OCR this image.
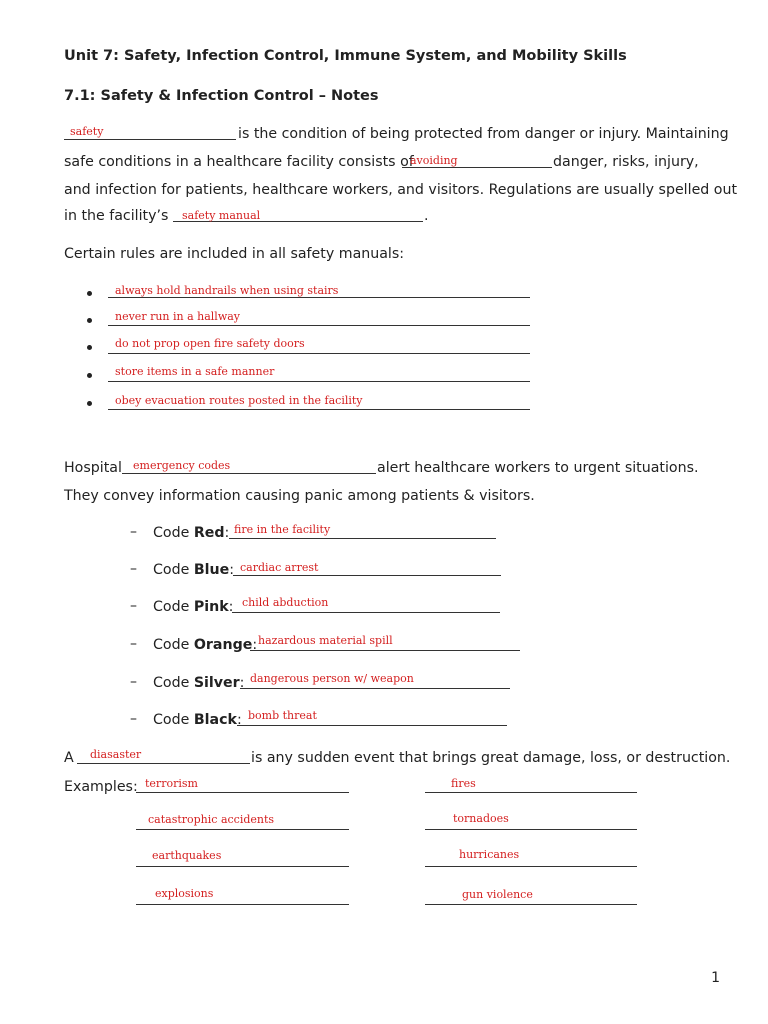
Unit 7: Safety, Infection Control, Immune System, and Mobility Skills
7.1: Safety & Infection Control – Notes
safety	is the condition of being protected from danger or injury. Maintaining
safe conditions in a healthcare facility consists of
avoiding	danger, risks, injury,
and infection for patients, healthcare workers, and visitors. Regulations are usually spelled out
in the facility’s safety manual	.
Certain rules are included in all safety manuals:
always hold handrails when using stairs
never run in a hallway
do not prop open fire safety doors
store items in a safe manner
obey evacuation routes posted in the facility
Hospital emergency codes	alert healthcare workers to urgent situations.
They convey information causing panic among patients & visitors.
– Code Red: fire in the facility
– Code Blue: cardiac arrest
– Code Pink: child abduction
– Code Orange: hazardous material spill
– Code Silver: dangerous person w/ weapon
– Code Black: bomb threat
A diasaster	is any sudden event that brings great damage, loss, or destruction.
Examples: terrorism	fires
catastrophic accidents	tornadoes
earthquakes	hurricanes
explosions	gun violence
1
